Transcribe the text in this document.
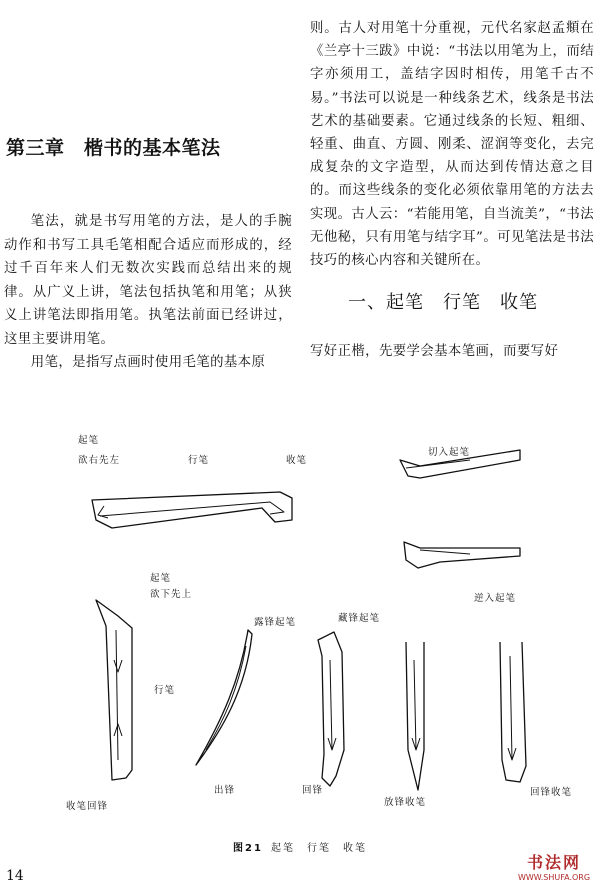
第三章　楷书的基本笔法

笔法，就是书写用笔的方法，是人的手腕动作和书写工具毛笔相配合适应而形成的，经过千百年来人们无数次实践而总结出来的规律。从广义上讲，笔法包括执笔和用笔；从狭义上讲笔法即指用笔。执笔法前面已经讲过，这里主要讲用笔。

用笔，是指写点画时使用毛笔的基本原

则。古人对用笔十分重视，元代名家赵孟頫在《兰亭十三跋》中说：“书法以用笔为上，而结字亦须用工，盖结字因时相传，用笔千古不易。”书法可以说是一种线条艺术，线条是书法艺术的基础要素。它通过线条的长短、粗细、轻重、曲直、方圆、刚柔、涩润等变化，去完成复杂的文字造型，从而达到传情达意之目的。而这些线条的变化必须依靠用笔的方法去实现。古人云：“若能用笔，自当流美”，“书法无他秘，只有用笔与结字耳”。可见笔法是书法技巧的核心内容和关键所在。

一、起笔　行笔　收笔
写好正楷，先要学会基本笔画，而要写好
起笔
欲右先左	行笔	收笔
切入起笔
逆入起笔
起笔
欲下先上
行笔
收笔回锋
露锋起笔
出锋
藏锋起笔
回锋
放锋收笔
回锋收笔
图21 起笔　行笔　收笔
14
书法网
WWW.SHUFA.ORG
